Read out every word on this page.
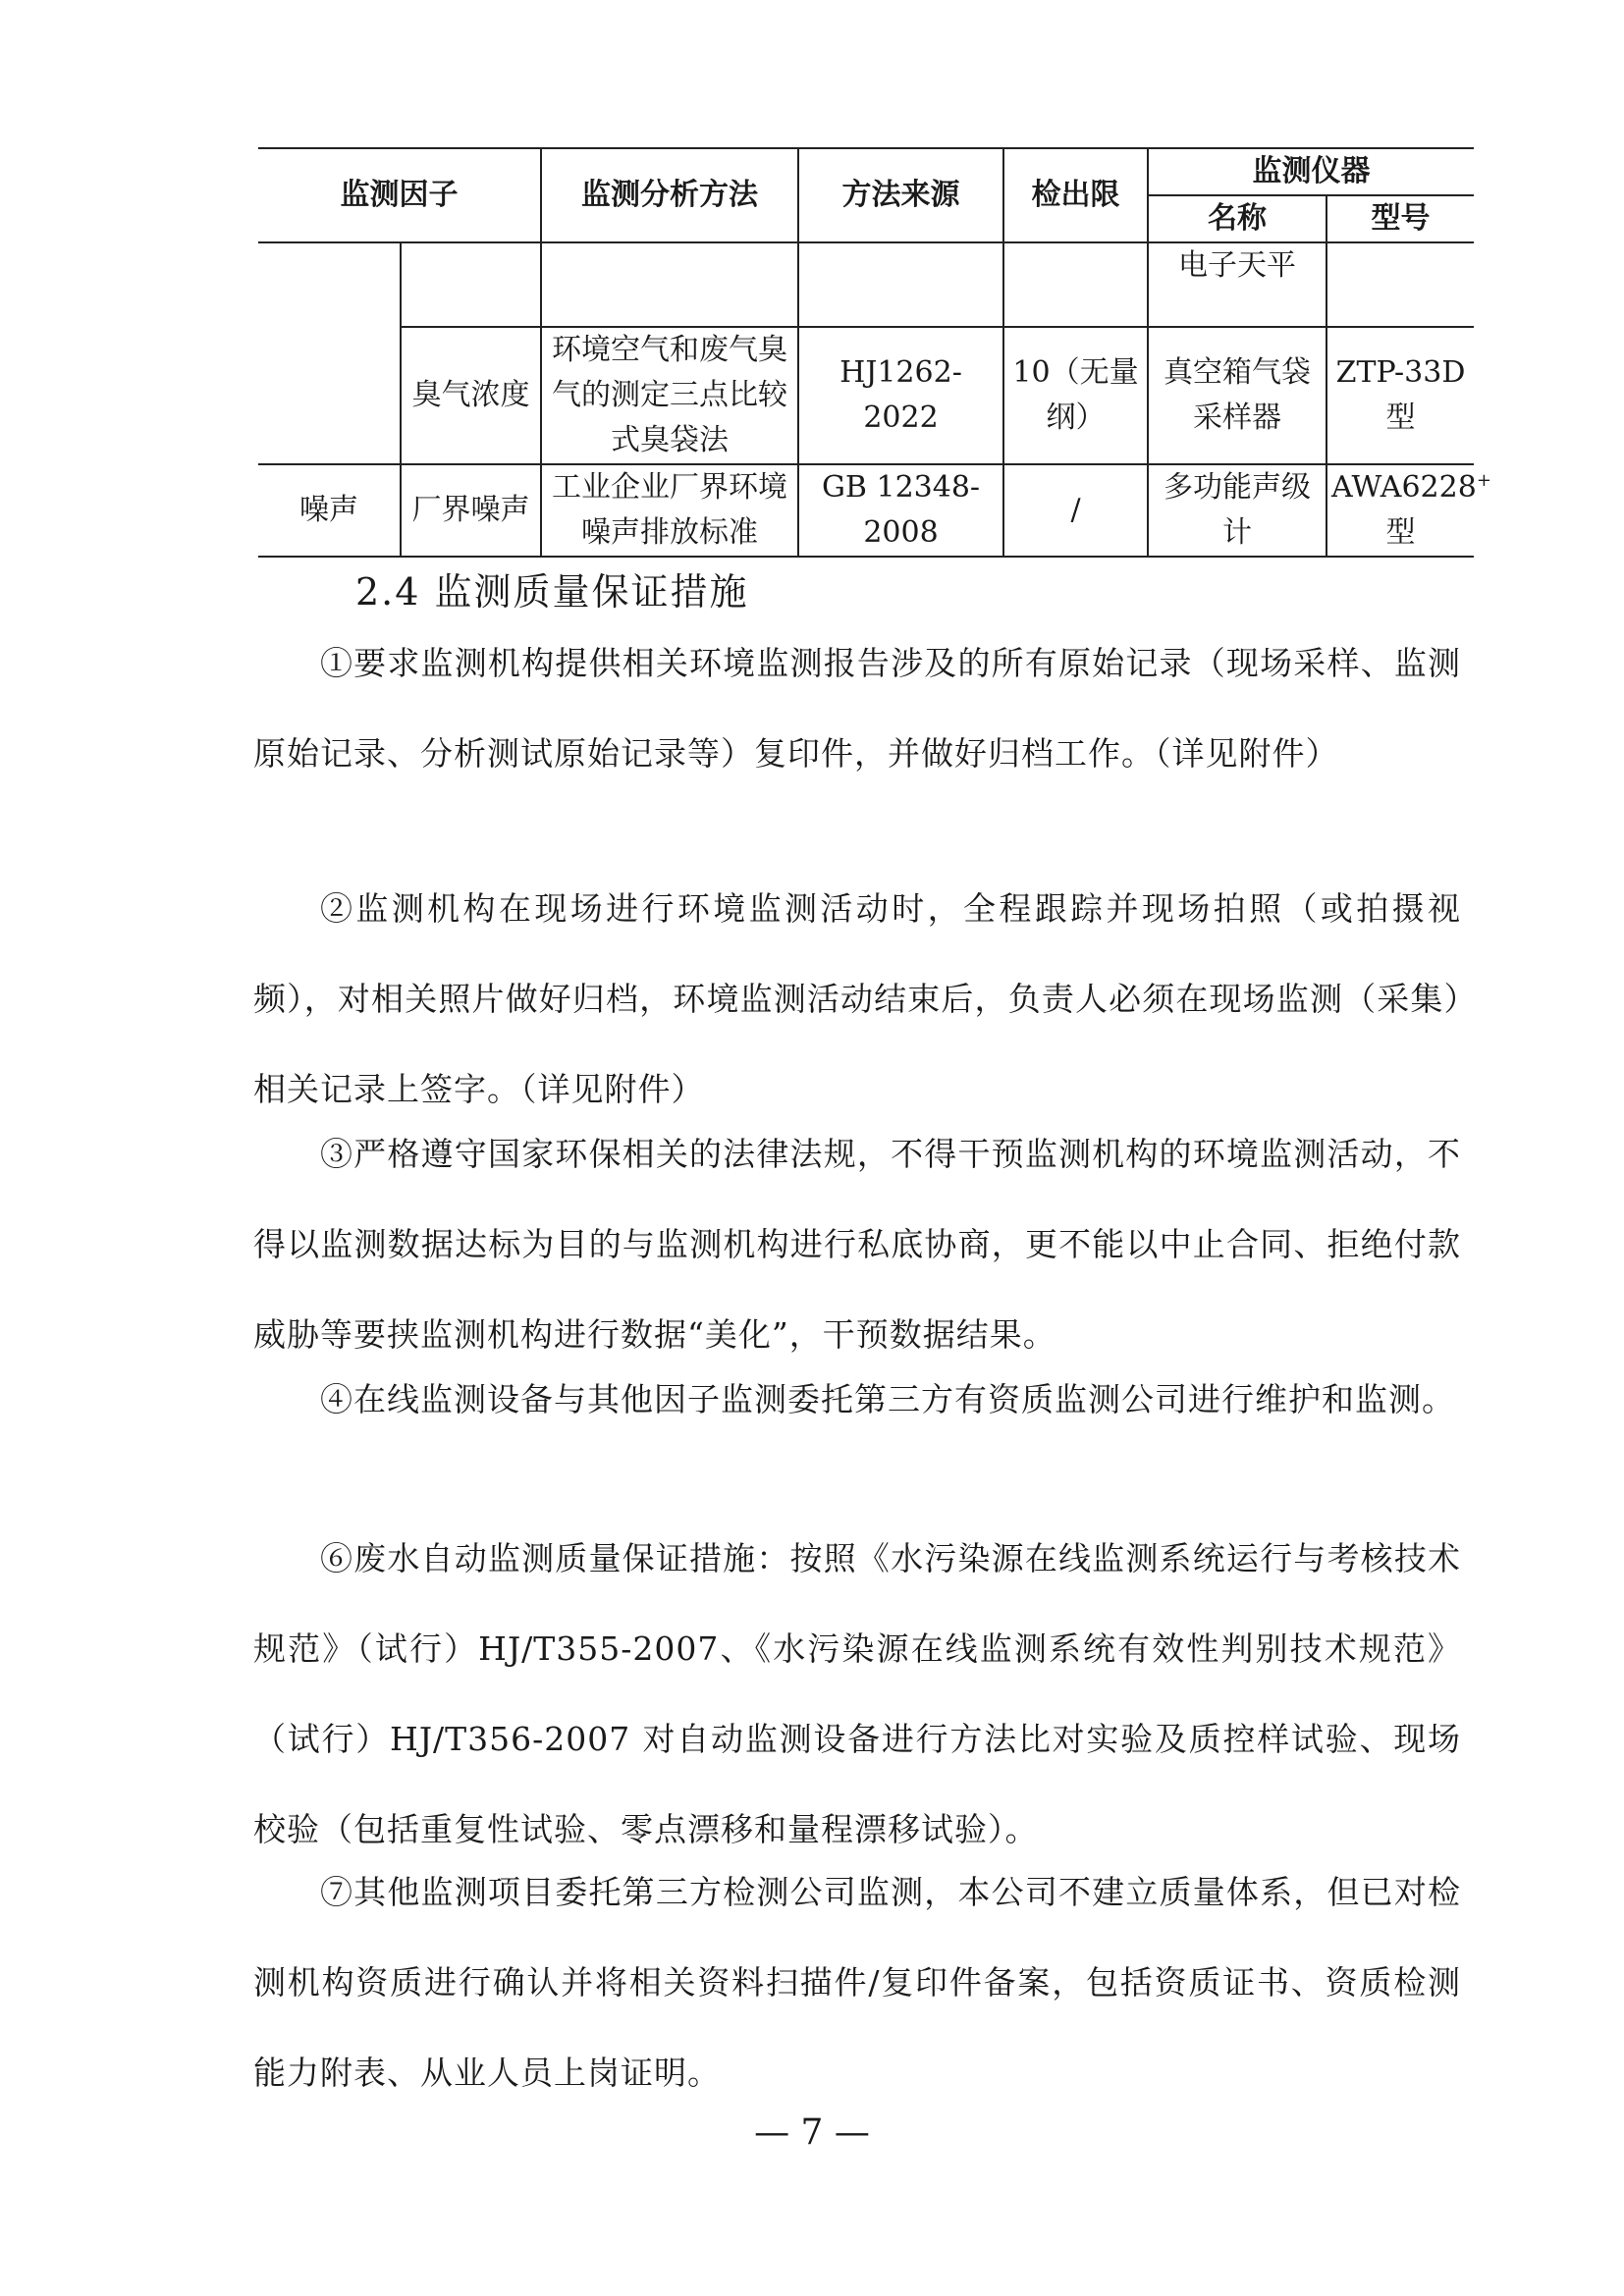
监测因子		监测分析方法	方法来源	检出限	监测仪器	
					名称	型号
					电子天平	
	臭气浓度	环境空气和废气臭气的测定三点比较式臭袋法	HJ1262-2022	10（无量纲）	真空箱气袋采样器	ZTP-33D型
噪声	厂界噪声	工业企业厂界环境噪声排放标准	GB 12348-2008	/	多功能声级计	AWA6228+
型
2.4 监测质量保证措施

①要求监测机构提供相关环境监测报告涉及的所有原始记录（现场采样、监测原始记录、分析测试原始记录等）复印件，并做好归档工作。（详见附件）

②监测机构在现场进行环境监测活动时，全程跟踪并现场拍照（或拍摄视频），对相关照片做好归档，环境监测活动结束后，负责人必须在现场监测（采集）相关记录上签字。（详见附件）

③严格遵守国家环保相关的法律法规，不得干预监测机构的环境监测活动，不得以监测数据达标为目的与监测机构进行私底协商，更不能以中止合同、拒绝付款威胁等要挟监测机构进行数据“美化”，干预数据结果。

④在线监测设备与其他因子监测委托第三方有资质监测公司进行维护和监测。

⑥废水自动监测质量保证措施：按照《水污染源在线监测系统运行与考核技术规范》（试行）HJ/T355-2007、《水污染源在线监测系统有效性判别技术规范》（试行）HJ/T356-2007 对自动监测设备进行方法比对实验及质控样试验、现场校验（包括重复性试验、零点漂移和量程漂移试验）。

⑦其他监测项目委托第三方检测公司监测，本公司不建立质量体系，但已对检测机构资质进行确认并将相关资料扫描件/复印件备案，包括资质证书、资质检测能力附表、从业人员上岗证明。

— 7 —
